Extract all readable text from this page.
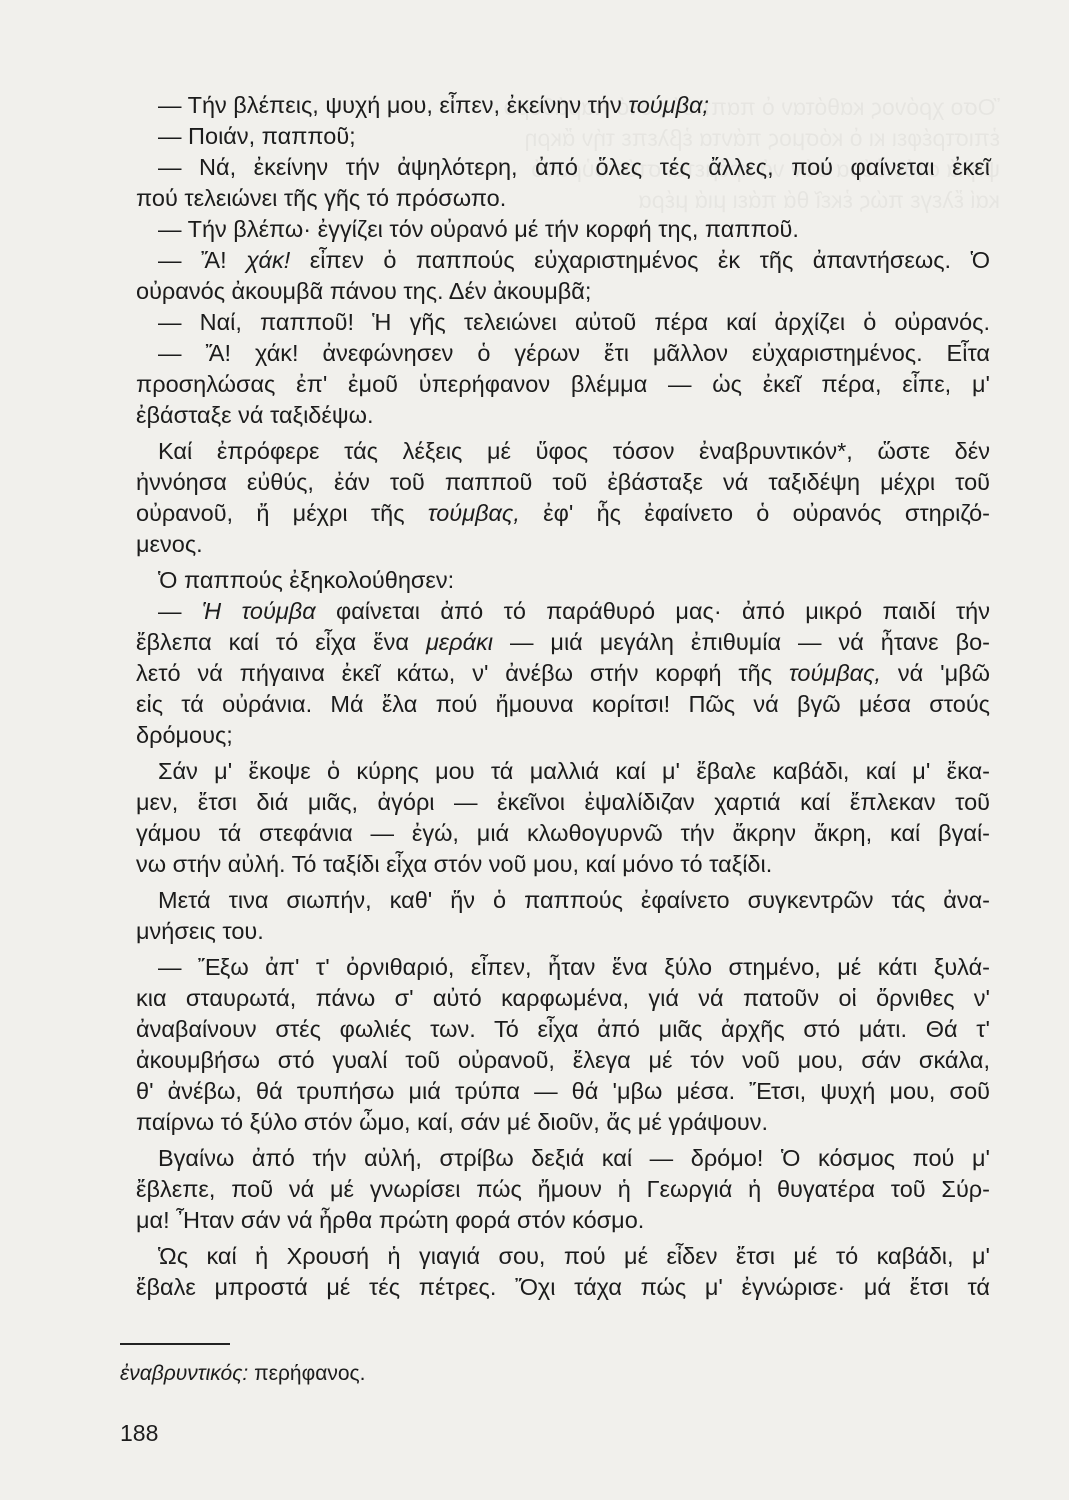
— Τήν βλέπεις, ψυχή μου, εἶπεν, ἐκείνην τήν τούμβα;
— Ποιάν, παπποῦ;
— Νά, ἐκείνην τήν ἀψηλότερη, ἀπό ὅλες τές ἄλλες, πού φαίνεται ἐκεῖ
πού τελειώνει τῆς γῆς τό πρόσωπο.
— Τήν βλέπω· ἐγγίζει τόν οὐρανό μέ τήν κορφή της, παπποῦ.
— Ἄ! χάκ! εἶπεν ὁ παππούς εὐχαριστημένος ἐκ τῆς ἀπαντήσεως. Ὁ
οὐρανός ἀκουμβᾶ πάνου της. Δέν ἀκουμβᾶ;
— Ναί, παπποῦ! Ἡ γῆς τελειώνει αὐτοῦ πέρα καί ἀρχίζει ὁ οὐρανός.
— Ἄ! χάκ! ἀνεφώνησεν ὁ γέρων ἔτι μᾶλλον εὐχαριστημένος. Εἶτα
προσηλώσας ἐπ' ἐμοῦ ὑπερήφανον βλέμμα — ὡς ἐκεῖ πέρα, εἶπε, μ'
ἐβάσταξε νά ταξιδέψω.
Καί ἐπρόφερε τάς λέξεις μέ ὕφος τόσον ἐναβρυντικόν*, ὥστε δέν
ἠννόησα εὐθύς, ἐάν τοῦ παπποῦ τοῦ ἐβάσταξε νά ταξιδέψη μέχρι τοῦ
οὐρανοῦ, ἤ μέχρι τῆς τούμβας, ἐφ' ἧς ἐφαίνετο ὁ οὐρανός στηριζό-
μενος.
Ὁ παππούς ἐξηκολούθησεν:
— Ἡ τούμβα φαίνεται ἀπό τό παράθυρό μας· ἀπό μικρό παιδί τήν
ἔβλεπα καί τό εἶχα ἕνα μεράκι — μιά μεγάλη ἐπιθυμία — νά ἦτανε βο-
λετό νά πήγαινα ἐκεῖ κάτω, ν' ἀνέβω στήν κορφή τῆς τούμβας, νά 'μβῶ
εἰς τά οὐράνια. Μά ἔλα πού ἤμουνα κορίτσι! Πῶς νά βγῶ μέσα στούς
δρόμους;
Σάν μ' ἔκοψε ὁ κύρης μου τά μαλλιά καί μ' ἔβαλε καβάδι, καί μ' ἔκα-
μεν, ἔτσι διά μιᾶς, ἀγόρι — ἐκεῖνοι ἐψαλίδιζαν χαρτιά καί ἔπλεκαν τοῦ
γάμου τά στεφάνια — ἐγώ, μιά κλωθογυρνῶ τήν ἄκρην ἄκρη, καί βγαί-
νω στήν αὐλή. Τό ταξίδι εἶχα στόν νοῦ μου, καί μόνο τό ταξίδι.
Μετά τινα σιωπήν, καθ' ἥν ὁ παππούς ἐφαίνετο συγκεντρῶν τάς ἀνα-
μνήσεις του.
— Ἔξω ἀπ' τ' ὀρνιθαριό, εἶπεν, ἦταν ἕνα ξύλο στημένο, μέ κάτι ξυλά-
κια σταυρωτά, πάνω σ' αὐτό καρφωμένα, γιά νά πατοῦν οἱ ὄρνιθες ν'
ἀναβαίνουν στές φωλιές των. Τό εἶχα ἀπό μιᾶς ἀρχῆς στό μάτι. Θά τ'
ἀκουμβήσω στό γυαλί τοῦ οὐρανοῦ, ἔλεγα μέ τόν νοῦ μου, σάν σκάλα,
θ' ἀνέβω, θά τρυπήσω μιά τρύπα — θά 'μβω μέσα. Ἔτσι, ψυχή μου, σοῦ
παίρνω τό ξύλο στόν ὦμο, καί, σάν μέ διοῦν, ἄς μέ γράψουν.
Βγαίνω ἀπό τήν αὐλή, στρίβω δεξιά καί — δρόμο! Ὁ κόσμος πού μ'
ἔβλεπε, ποῦ νά μέ γνωρίσει πώς ἤμουν ἡ Γεωργιά ἡ θυγατέρα τοῦ Σύρ-
μα! Ἦταν σάν νά ἦρθα πρώτη φορά στόν κόσμο.
Ὡς καί ἡ Χρουσή ἡ γιαγιά σου, πού μέ εἶδεν ἔτσι μέ τό καβάδι, μ'
ἔβαλε μπροστά μέ τές πέτρες. Ὄχι τάχα πώς μ' ἐγνώρισε· μά ἔτσι τά
ἐναβρυντικός: περήφανος.
188
